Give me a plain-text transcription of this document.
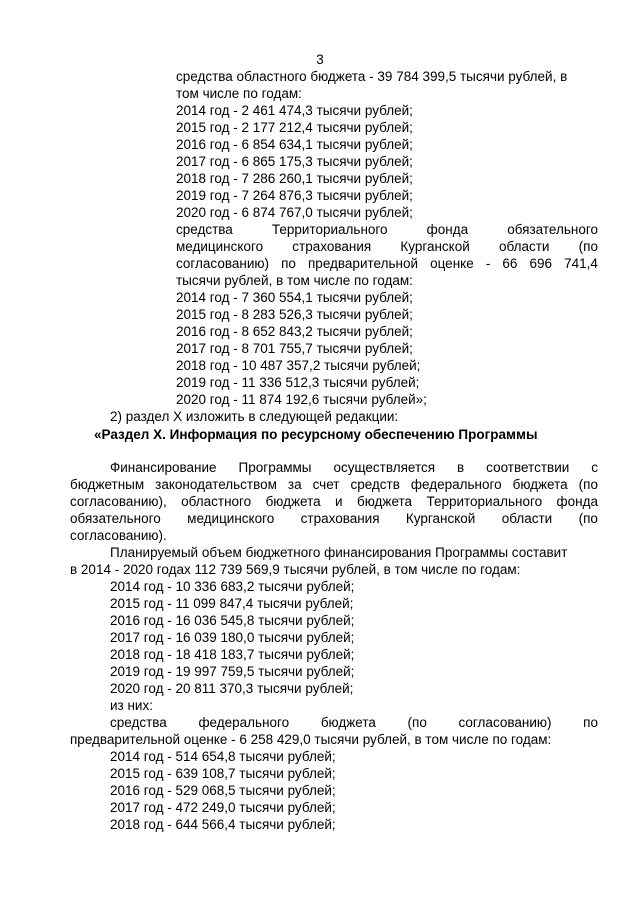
3
средства областного бюджета - 39 784 399,5 тысячи рублей, в
том числе по годам:
2014 год - 2 461 474,3 тысячи рублей;
2015 год - 2 177 212,4 тысячи рублей;
2016 год - 6 854 634,1 тысячи рублей;
2017 год - 6 865 175,3 тысячи рублей;
2018 год - 7 286 260,1 тысячи рублей;
2019 год - 7 264 876,3 тысячи рублей;
2020 год - 6 874 767,0 тысячи рублей;
средства	Территориального	фонда	обязательного
медицинского страхования Курганской области (по
согласованию) по предварительной оценке - 66 696 741,4
тысячи рублей, в том числе по годам:
2014 год - 7 360 554,1 тысячи рублей;
2015 год - 8 283 526,3 тысячи рублей;
2016 год - 8 652 843,2 тысячи рублей;
2017 год - 8 701 755,7 тысячи рублей;
2018 год - 10 487 357,2 тысячи рублей;
2019 год - 11 336 512,3 тысячи рублей;
2020 год - 11 874 192,6 тысячи рублей»;
2) раздел X изложить в следующей редакции:
«Раздел X. Информация по ресурсному обеспечению Программы
Финансирование Программы осуществляется в соответствии с
бюджетным законодательством за счет средств федерального бюджета (по
согласованию), областного бюджета и бюджета Территориального фонда
обязательного медицинского страхования Курганской области (по
согласованию).
Планируемый объем бюджетного финансирования Программы составит
в 2014 - 2020 годах 112 739 569,9 тысячи рублей, в том числе по годам:
2014 год - 10 336 683,2 тысячи рублей;
2015 год - 11 099 847,4 тысячи рублей;
2016 год - 16 036 545,8 тысячи рублей;
2017 год - 16 039 180,0 тысячи рублей;
2018 год - 18 418 183,7 тысячи рублей;
2019 год - 19 997 759,5 тысячи рублей;
2020 год - 20 811 370,3 тысячи рублей;
из них:
средства федерального бюджета (по согласованию) по
предварительной оценке - 6 258 429,0 тысячи рублей, в том числе по годам:
2014 год - 514 654,8 тысячи рублей;
2015 год - 639 108,7 тысячи рублей;
2016 год - 529 068,5 тысячи рублей;
2017 год - 472 249,0 тысячи рублей;
2018 год - 644 566,4 тысячи рублей;
